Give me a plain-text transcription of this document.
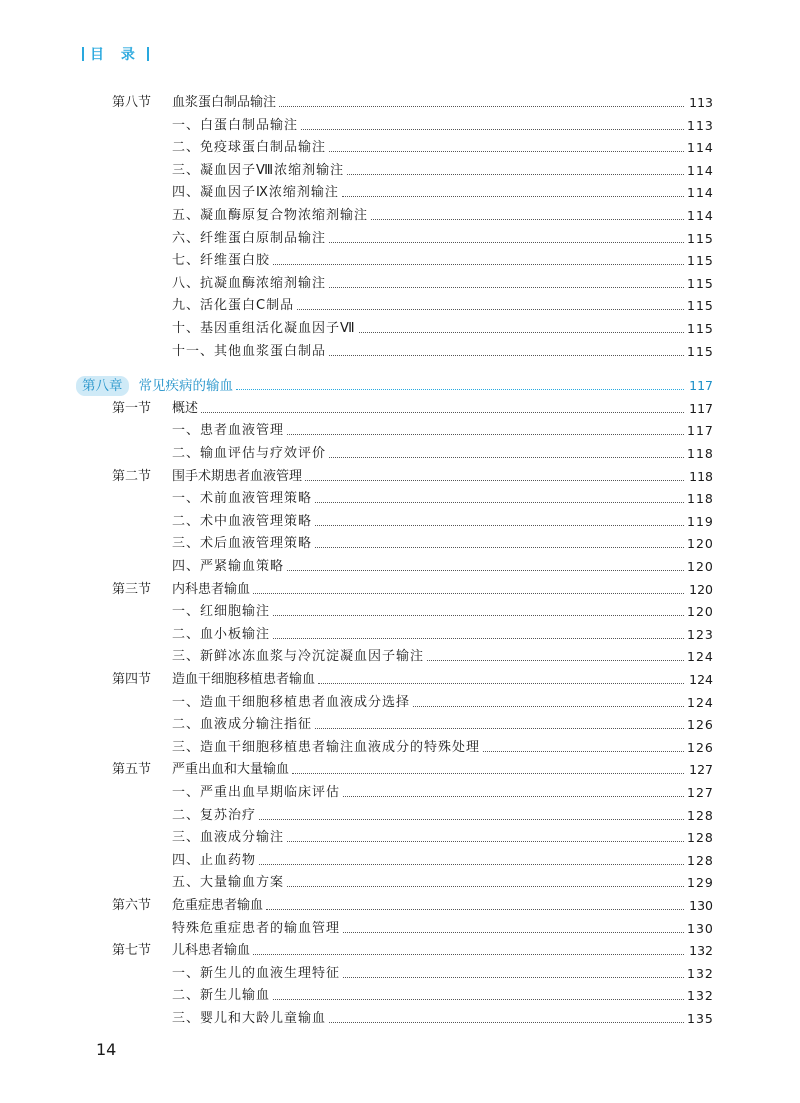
目 录
第八节	血浆蛋白制品输注	113
一、白蛋白制品输注	113
二、免疫球蛋白制品输注	114
三、凝血因子Ⅷ浓缩剂输注	114
四、凝血因子Ⅸ浓缩剂输注	114
五、凝血酶原复合物浓缩剂输注	114
六、纤维蛋白原制品输注	115
七、纤维蛋白胶	115
八、抗凝血酶浓缩剂输注	115
九、活化蛋白C制品	115
十、基因重组活化凝血因子Ⅶ	115
十一、其他血浆蛋白制品	115
第八章	常见疾病的输血	117
第一节	概述	117
一、患者血液管理	117
二、输血评估与疗效评价	118
第二节	围手术期患者血液管理	118
一、术前血液管理策略	118
二、术中血液管理策略	119
三、术后血液管理策略	120
四、严紧输血策略	120
第三节	内科患者输血	120
一、红细胞输注	120
二、血小板输注	123
三、新鲜冰冻血浆与冷沉淀凝血因子输注	124
第四节	造血干细胞移植患者输血	124
一、造血干细胞移植患者血液成分选择	124
二、血液成分输注指征	126
三、造血干细胞移植患者输注血液成分的特殊处理	126
第五节	严重出血和大量输血	127
一、严重出血早期临床评估	127
二、复苏治疗	128
三、血液成分输注	128
四、止血药物	128
五、大量输血方案	129
第六节	危重症患者输血	130
特殊危重症患者的输血管理	130
第七节	儿科患者输血	132
一、新生儿的血液生理特征	132
二、新生儿输血	132
三、婴儿和大龄儿童输血	135
14
